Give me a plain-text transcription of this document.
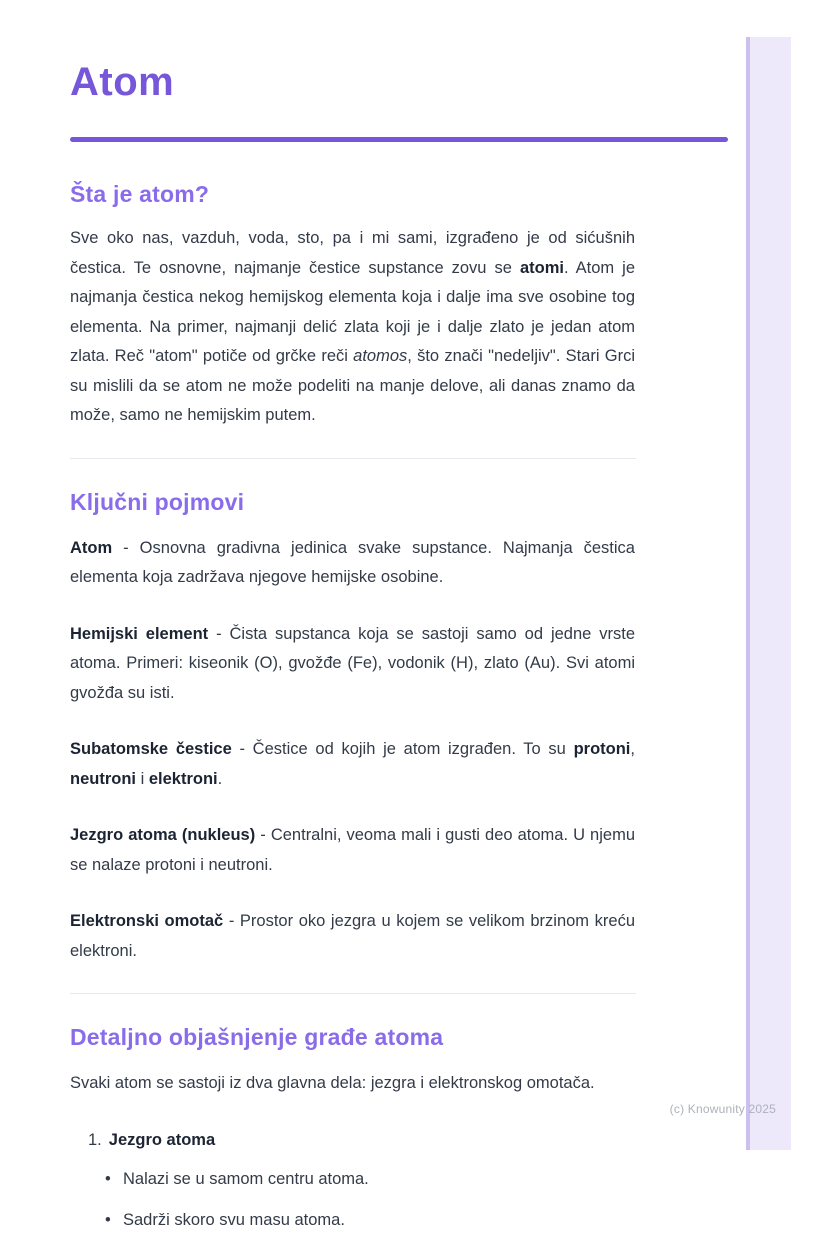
(c) Knowunity 2025
Atom
Šta je atom?

Sve oko nas, vazduh, voda, sto, pa i mi sami, izgrađeno je od sićušnih čestica. Te osnovne, najmanje čestice supstance zovu se atomi. Atom je najmanja čestica nekog hemijskog elementa koja i dalje ima sve osobine tog elementa. Na primer, najmanji delić zlata koji je i dalje zlato je jedan atom zlata. Reč "atom" potiče od grčke reči atomos, što znači "nedeljiv". Stari Grci su mislili da se atom ne može podeliti na manje delove, ali danas znamo da može, samo ne hemijskim putem.

Ključni pojmovi

Atom - Osnovna gradivna jedinica svake supstance. Najmanja čestica elementa koja zadržava njegove hemijske osobine.

Hemijski element - Čista supstanca koja se sastoji samo od jedne vrste atoma. Primeri: kiseonik (O), gvožđe (Fe), vodonik (H), zlato (Au). Svi atomi gvožđa su isti.

Subatomske čestice - Čestice od kojih je atom izgrađen. To su protoni, neutroni i elektroni.

Jezgro atoma (nukleus) - Centralni, veoma mali i gusti deo atoma. U njemu se nalaze protoni i neutroni.

Elektronski omotač - Prostor oko jezgra u kojem se velikom brzinom kreću elektroni.

Detaljno objašnjenje građe atoma

Svaki atom se sastoji iz dva glavna dela: jezgra i elektronskog omotača.

1. Jezgro atoma
• Nalazi se u samom centru atoma.
• Sadrži skoro svu masu atoma.
